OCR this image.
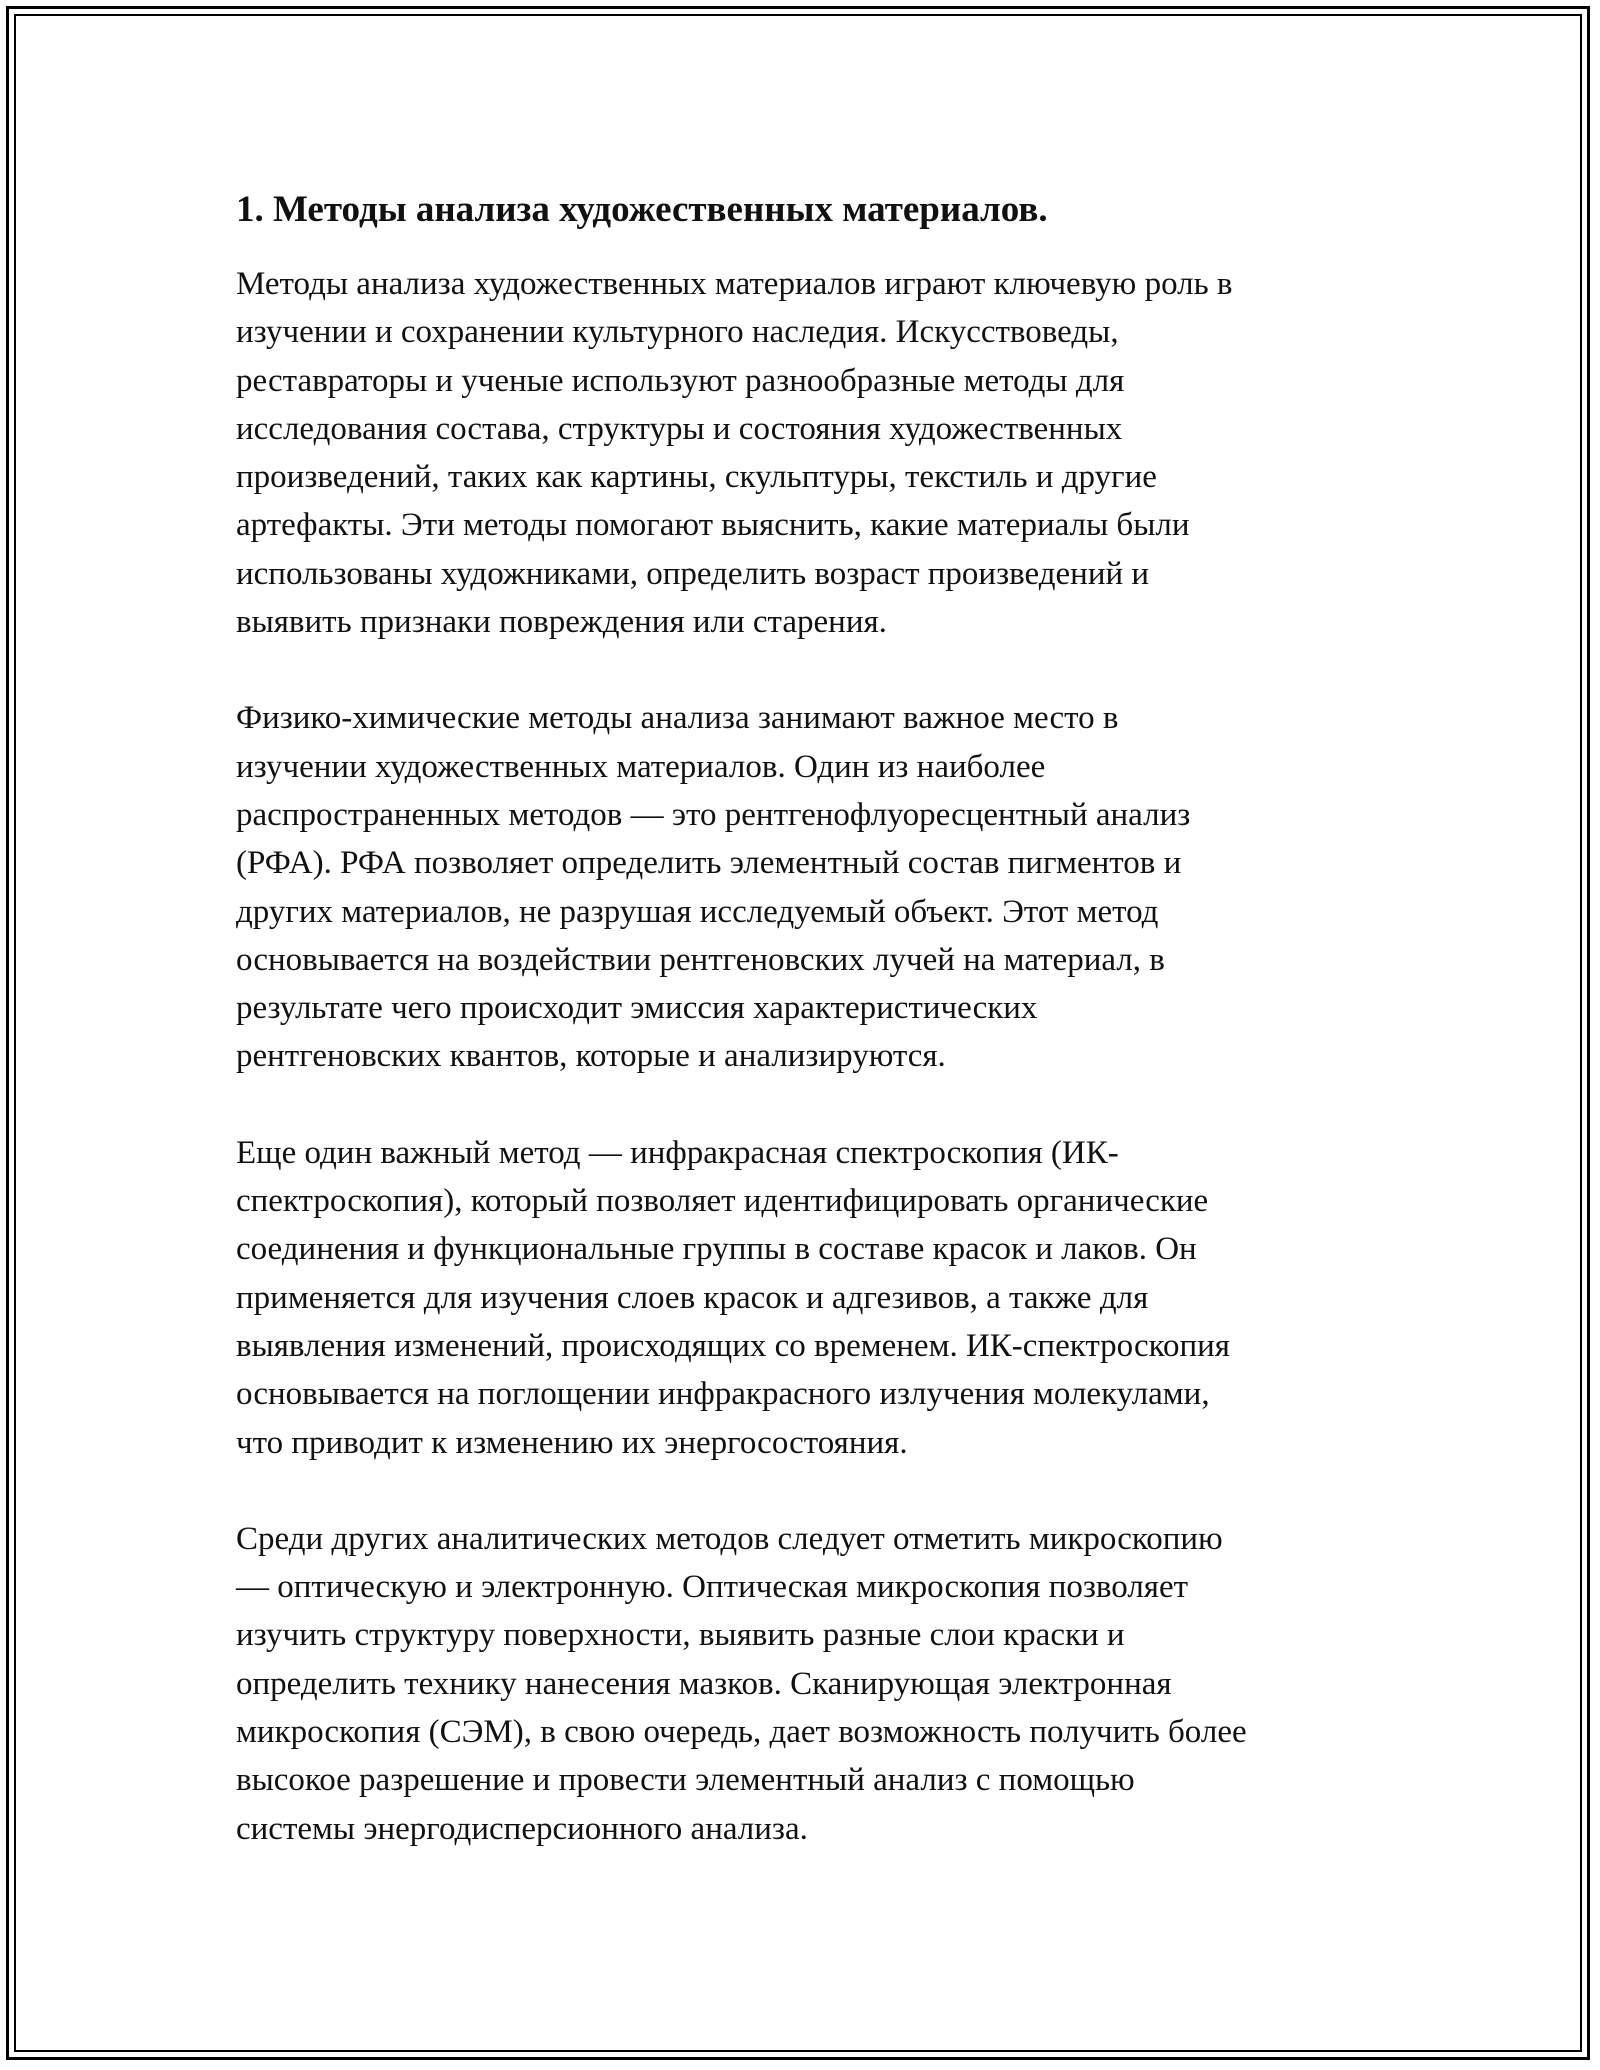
1. Методы анализа художественных материалов.

Методы анализа художественных материалов играют ключевую роль в
изучении и сохранении культурного наследия. Искусствоведы,
реставраторы и ученые используют разнообразные методы для
исследования состава, структуры и состояния художественных
произведений, таких как картины, скульптуры, текстиль и другие
артефакты. Эти методы помогают выяснить, какие материалы были
использованы художниками, определить возраст произведений и
выявить признаки повреждения или старения.

Физико-химические методы анализа занимают важное место в
изучении художественных материалов. Один из наиболее
распространенных методов — это рентгенофлуоресцентный анализ
(РФА). РФА позволяет определить элементный состав пигментов и
других материалов, не разрушая исследуемый объект. Этот метод
основывается на воздействии рентгеновских лучей на материал, в
результате чего происходит эмиссия характеристических
рентгеновских квантов, которые и анализируются.

Еще один важный метод — инфракрасная спектроскопия (ИК-
спектроскопия), который позволяет идентифицировать органические
соединения и функциональные группы в составе красок и лаков. Он
применяется для изучения слоев красок и адгезивов, а также для
выявления изменений, происходящих со временем. ИК-спектроскопия
основывается на поглощении инфракрасного излучения молекулами,
что приводит к изменению их энергосостояния.

Среди других аналитических методов следует отметить микроскопию
— оптическую и электронную. Оптическая микроскопия позволяет
изучить структуру поверхности, выявить разные слои краски и
определить технику нанесения мазков. Сканирующая электронная
микроскопия (СЭМ), в свою очередь, дает возможность получить более
высокое разрешение и провести элементный анализ с помощью
системы энергодисперсионного анализа.
